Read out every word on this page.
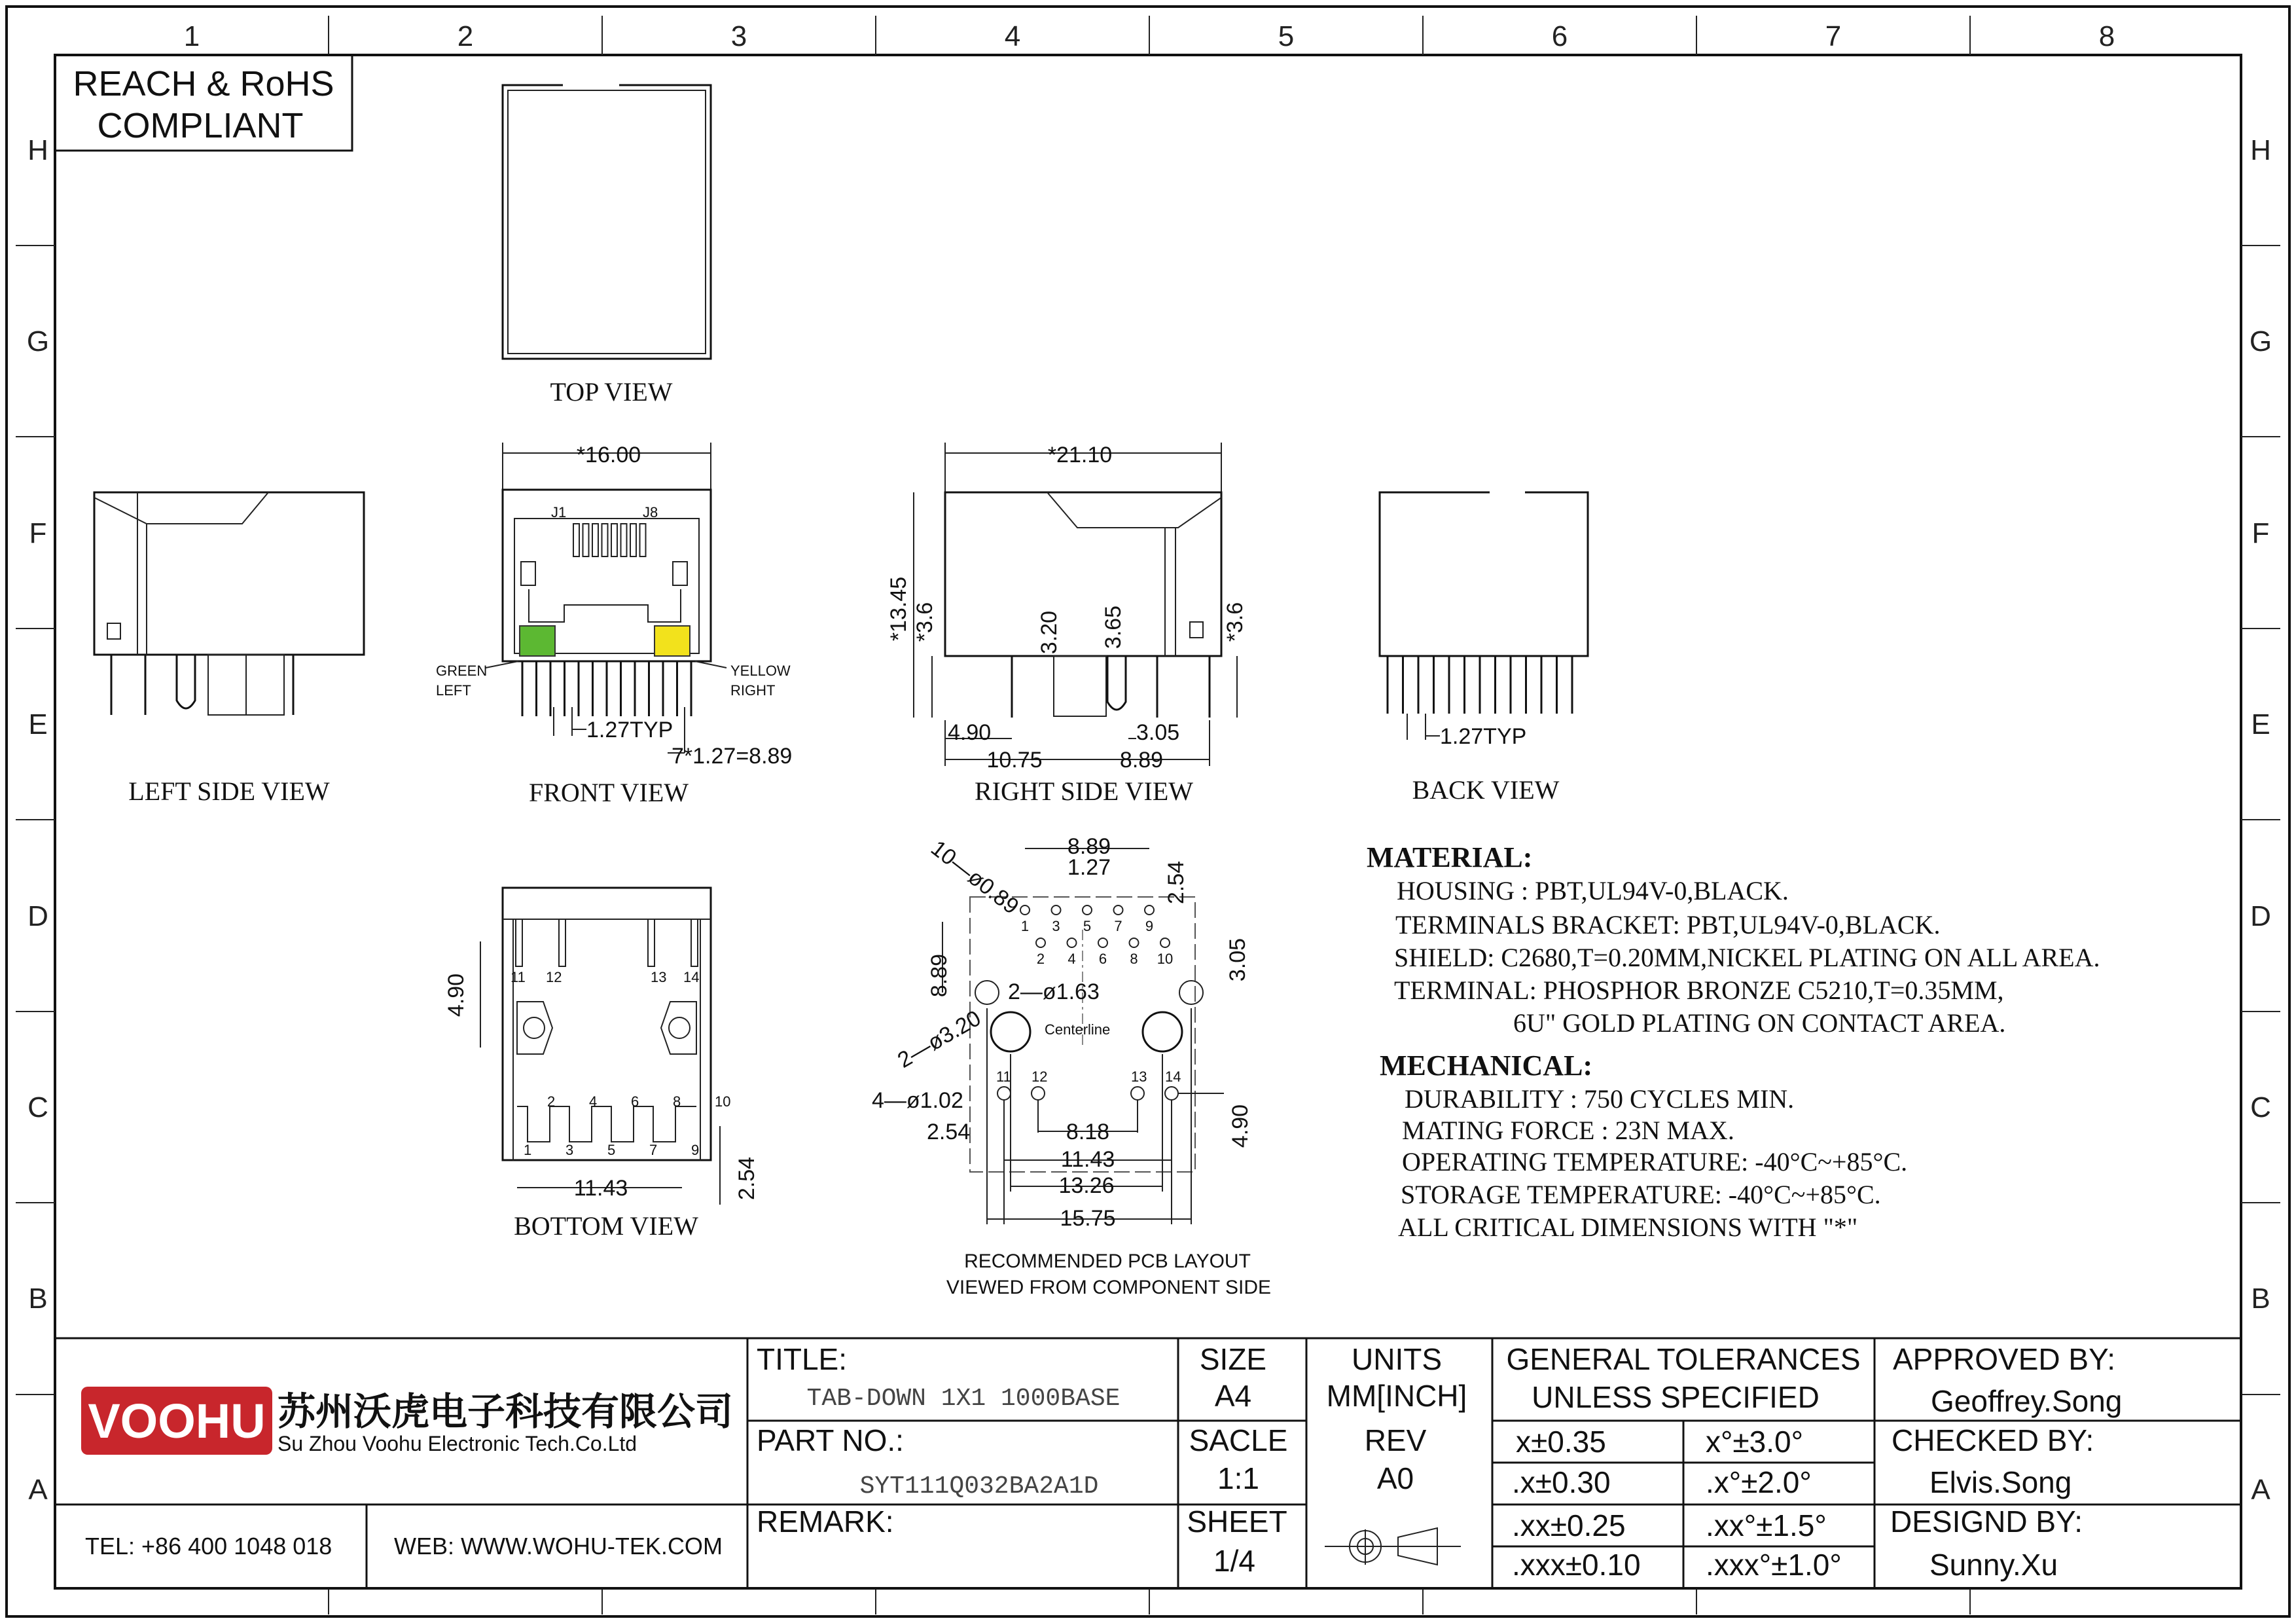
1	2	3	4	5	6	7	8
H
G
F
E
D
C
B
A
H
G
F
E
D
C
B
A
REACH & RoHS
COMPLIANT
TOP VIEW
LEFT SIDE VIEW
*16.00
J1	J8
GREEN
LEFT
YELLOW
RIGHT
1.27TYP
7*1.27=8.89
FRONT VIEW
*21.10
*13.45 *3.6	3.20 3.65	*3.6
4.90	3.05
10.75	8.89
RIGHT SIDE VIEW
1.27TYP
BACK VIEW
11 12	13 14
2 4 6 8 10
1 3 5 7 9
4.90
11.43	2.54
BOTTOM VIEW
Centerline
1 3 5 7 9
2 4 6 8 10
11 12	13 14
10—ø0.89 8.89
1.27 2.54
8.89	2—ø1.63
3.05
2—ø3.20
4—ø1.02
2.54	8.18	4.90
11.43
13.26
15.75
RECOMMENDED PCB LAYOUT
VIEWED FROM COMPONENT SIDE
MATERIAL:
HOUSING : PBT,UL94V-0,BLACK.
TERMINALS BRACKET: PBT,UL94V-0,BLACK.
SHIELD: C2680,T=0.20MM,NICKEL PLATING ON ALL AREA.
TERMINAL: PHOSPHOR BRONZE C5210,T=0.35MM,
6U" GOLD PLATING ON CONTACT AREA.
MECHANICAL:
DURABILITY : 750 CYCLES MIN.
MATING FORCE : 23N MAX.
OPERATING TEMPERATURE: -40°C~+85°C.
STORAGE TEMPERATURE: -40°C~+85°C.
ALL CRITICAL DIMENSIONS WITH "*"
VOOHU 苏州沃虎电子科技有限公司
Su Zhou Voohu Electronic Tech.Co.Ltd
TEL: +86 400 1048 018	WEB: WWW.WOHU-TEK.COM
TITLE:
TAB-DOWN 1X1 1000BASE
PART NO.:
SYT111Q032BA2A1D
REMARK:
SIZE
A4
SACLE
1:1
SHEET
1/4
UNITS
MM[INCH]
REV
A0
GENERAL TOLERANCES
UNLESS SPECIFIED
x±0.35	x°±3.0°
.x±0.30	.x°±2.0°
.xx±0.25	.xx°±1.5°
.xxx±0.10 .xxx°±1.0°
APPROVED BY:
Geoffrey.Song
CHECKED BY:
Elvis.Song
DESIGND BY:
Sunny.Xu
